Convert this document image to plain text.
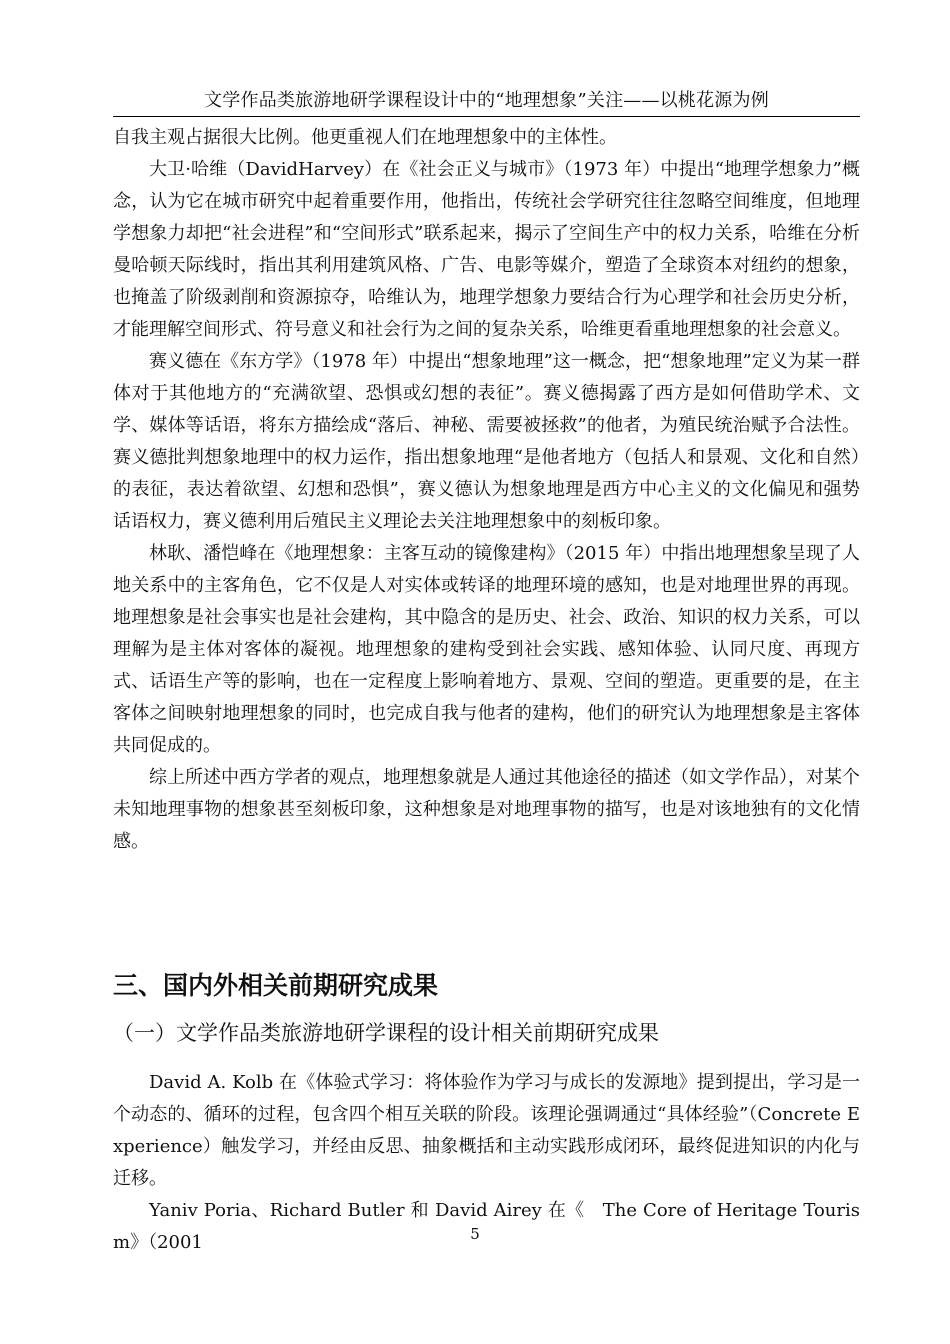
文学作品类旅游地研学课程设计中的“地理想象”关注——以桃花源为例

自我主观占据很大比例。他更重视人们在地理想象中的主体性。

大卫·哈维（DavidHarvey）在《社会正义与城市》（1973 年）中提出“地理学想象力”概念，认为它在城市研究中起着重要作用，他指出，传统社会学研究往往忽略空间维度，但地理学想象力却把“社会进程”和“空间形式”联系起来，揭示了空间生产中的权力关系，哈维在分析曼哈顿天际线时，指出其利用建筑风格、广告、电影等媒介，塑造了全球资本对纽约的想象，也掩盖了阶级剥削和资源掠夺，哈维认为，地理学想象力要结合行为心理学和社会历史分析，才能理解空间形式、符号意义和社会行为之间的复杂关系，哈维更看重地理想象的社会意义。

赛义德在《东方学》（1978 年）中提出“想象地理”这一概念，把“想象地理”定义为某一群体对于其他地方的“充满欲望、恐惧或幻想的表征”。赛义德揭露了西方是如何借助学术、文学、媒体等话语，将东方描绘成“落后、神秘、需要被拯救”的他者，为殖民统治赋予合法性。赛义德批判想象地理中的权力运作，指出想象地理“是他者地方（包括人和景观、文化和自然）的表征，表达着欲望、幻想和恐惧”，赛义德认为想象地理是西方中心主义的文化偏见和强势话语权力，赛义德利用后殖民主义理论去关注地理想象中的刻板印象。

林耿、潘恺峰在《地理想象：主客互动的镜像建构》（2015 年）中指出地理想象呈现了人地关系中的主客角色，它不仅是人对实体或转译的地理环境的感知，也是对地理世界的再现。地理想象是社会事实也是社会建构，其中隐含的是历史、社会、政治、知识的权力关系，可以理解为是主体对客体的凝视。地理想象的建构受到社会实践、感知体验、认同尺度、再现方式、话语生产等的影响，也在一定程度上影响着地方、景观、空间的塑造。更重要的是，在主客体之间映射地理想象的同时，也完成自我与他者的建构，他们的研究认为地理想象是主客体共同促成的。

综上所述中西方学者的观点，地理想象就是人通过其他途径的描述（如文学作品），对某个未知地理事物的想象甚至刻板印象，这种想象是对地理事物的描写，也是对该地独有的文化情感。

三、国内外相关前期研究成果
（一）文学作品类旅游地研学课程的设计相关前期研究成果

David A. Kolb 在《体验式学习：将体验作为学习与成长的发源地》提到提出，学习是一个动态的、循环的过程，包含四个相互关联的阶段。该理论强调通过“具体经验”（Concrete Experience）触发学习，并经由反思、抽象概括和主动实践形成闭环，最终促进知识的内化与迁移。

Yaniv Poria、Richard Butler 和 David Airey 在《　The Core of Heritage Tourism》（2001	5
